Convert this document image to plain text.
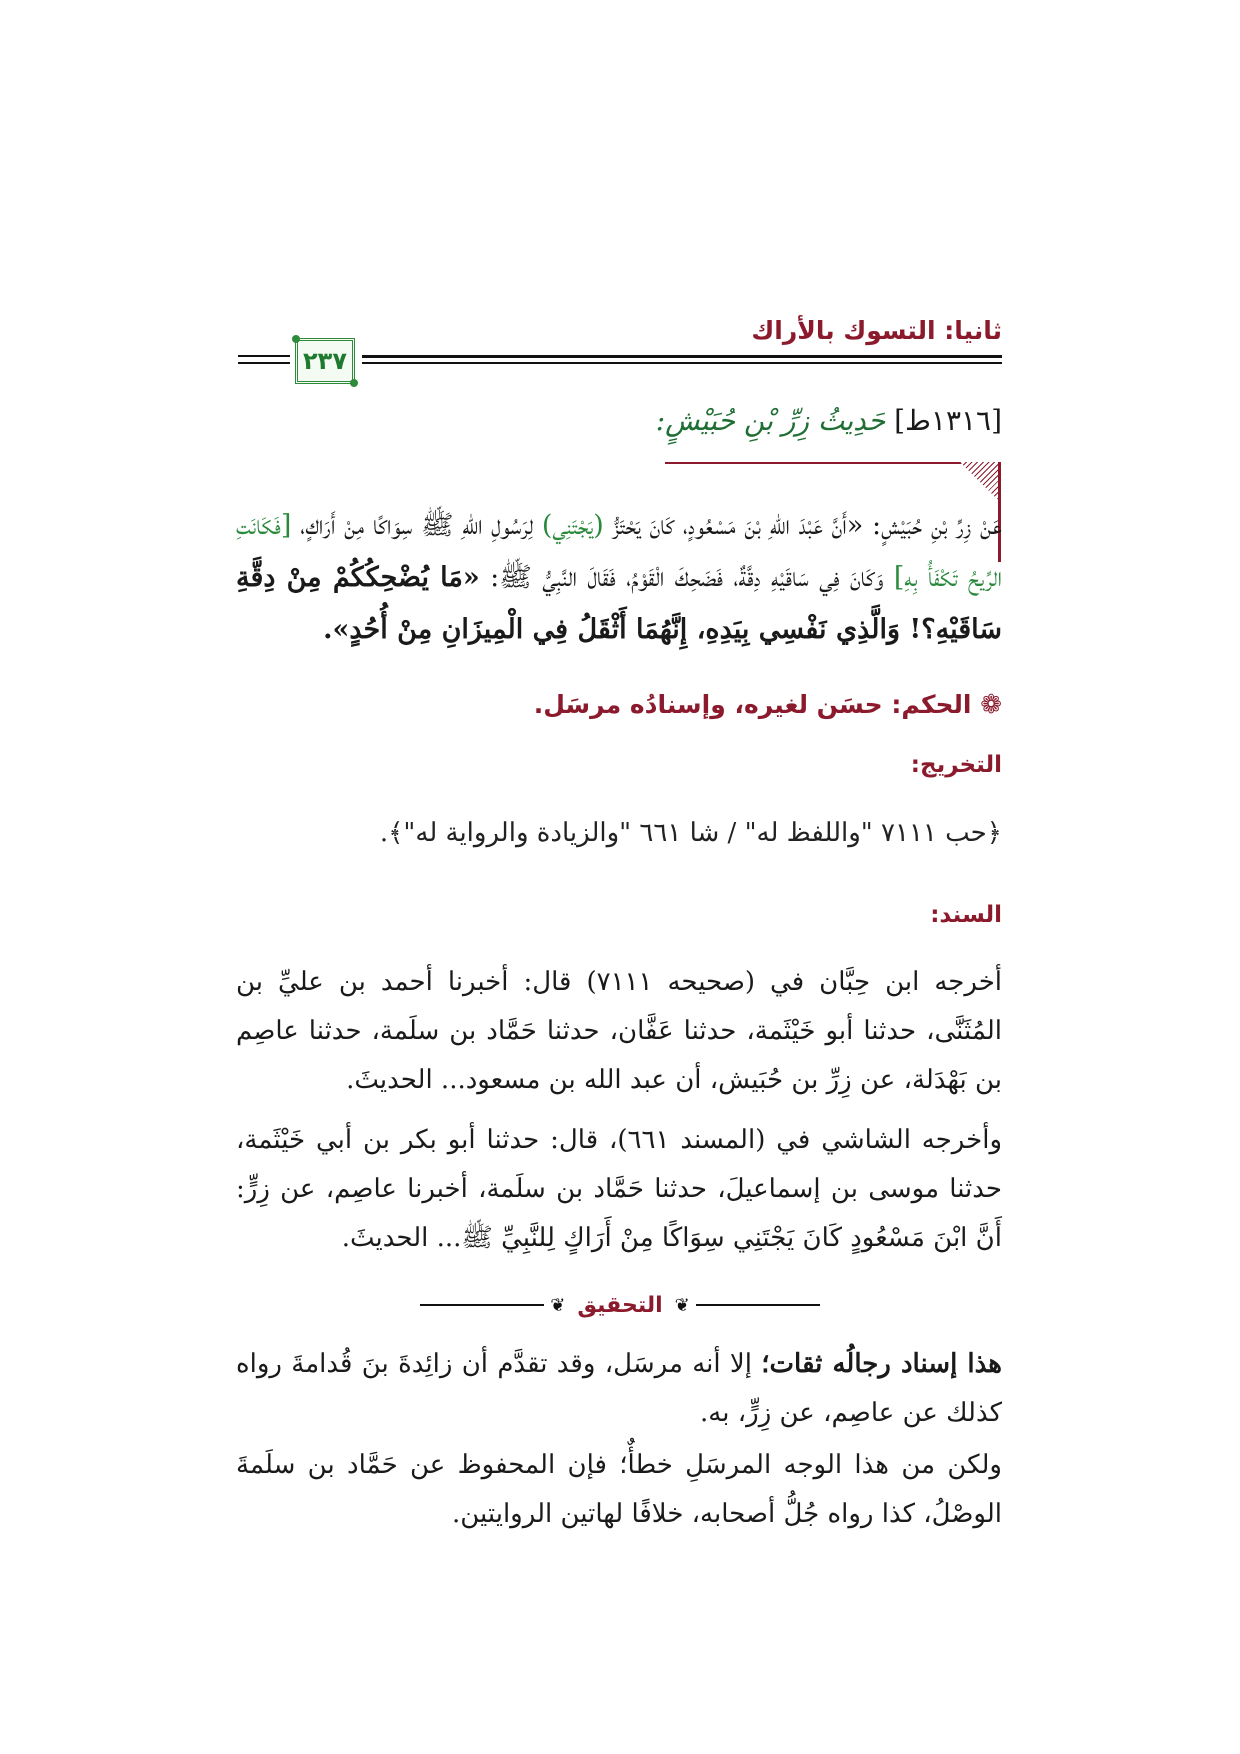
ثانيا: التسوك بالأراك
٢٣٧
[١٣١٦ط] حَدِيثُ زِرِّ بْنِ حُبَيْشٍ:
عَنْ زِرِّ بْنِ حُبَيْشٍ: «أَنَّ عَبْدَ اللهِ بْنَ مَسْعُودٍ، كَانَ يَحْتَزُّ (يَجْتَنِي) لِرَسُولِ اللهِ ﷺ سِوَاكًا مِنْ أَرَاكٍ، [فَكَانَتِ الرِّيحُ تَكْفَأُ بِهِ] وَكَانَ فِي سَاقَيْهِ دِقَّةٌ، فَضَحِكَ الْقَوْمُ، فَقَالَ النَّبِيُّ ﷺ: «مَا يُضْحِكُكُمْ مِنْ دِقَّةِ سَاقَيْهِ؟! وَالَّذِي نَفْسِي بِيَدِهِ، إِنَّهُمَا أَثْقَلُ فِي الْمِيزَانِ مِنْ أُحُدٍ».
❁ الحكم: حسَن لغيره، وإسنادُه مرسَل.
التخريج:
﴿حب ٧١١١ "واللفظ له" / شا ٦٦١ "والزيادة والرواية له"﴾.
السند:
أخرجه ابن حِبَّان في (صحيحه ٧١١١) قال: أخبرنا أحمد بن عليِّ بن المُثَنَّى، حدثنا أبو خَيْثَمة، حدثنا عَفَّان، حدثنا حَمَّاد بن سلَمة، حدثنا عاصِم بن بَهْدَلة، عن زِرِّ بن حُبَيش، أن عبد الله بن مسعود... الحديثَ.
وأخرجه الشاشي في (المسند ٦٦١)، قال: حدثنا أبو بكر بن أبي خَيْثَمة، حدثنا موسى بن إسماعيلَ، حدثنا حَمَّاد بن سلَمة، أخبرنا عاصِم، عن زِرٍّ: أَنَّ ابْنَ مَسْعُودٍ كَانَ يَجْتَنِي سِوَاكًا مِنْ أَرَاكٍ لِلنَّبِيِّ ﷺ... الحديثَ.
❦
التحقيق
❦
هذا إسناد رجالُه ثقات؛ إلا أنه مرسَل، وقد تقدَّم أن زائِدةَ بنَ قُدامةَ رواه كذلك عن عاصِم، عن زِرٍّ، به.
ولكن من هذا الوجه المرسَلِ خطأٌ؛ فإن المحفوظ عن حَمَّاد بن سلَمةَ الوصْلُ، كذا رواه جُلُّ أصحابه، خلافًا لهاتين الروايتين.
